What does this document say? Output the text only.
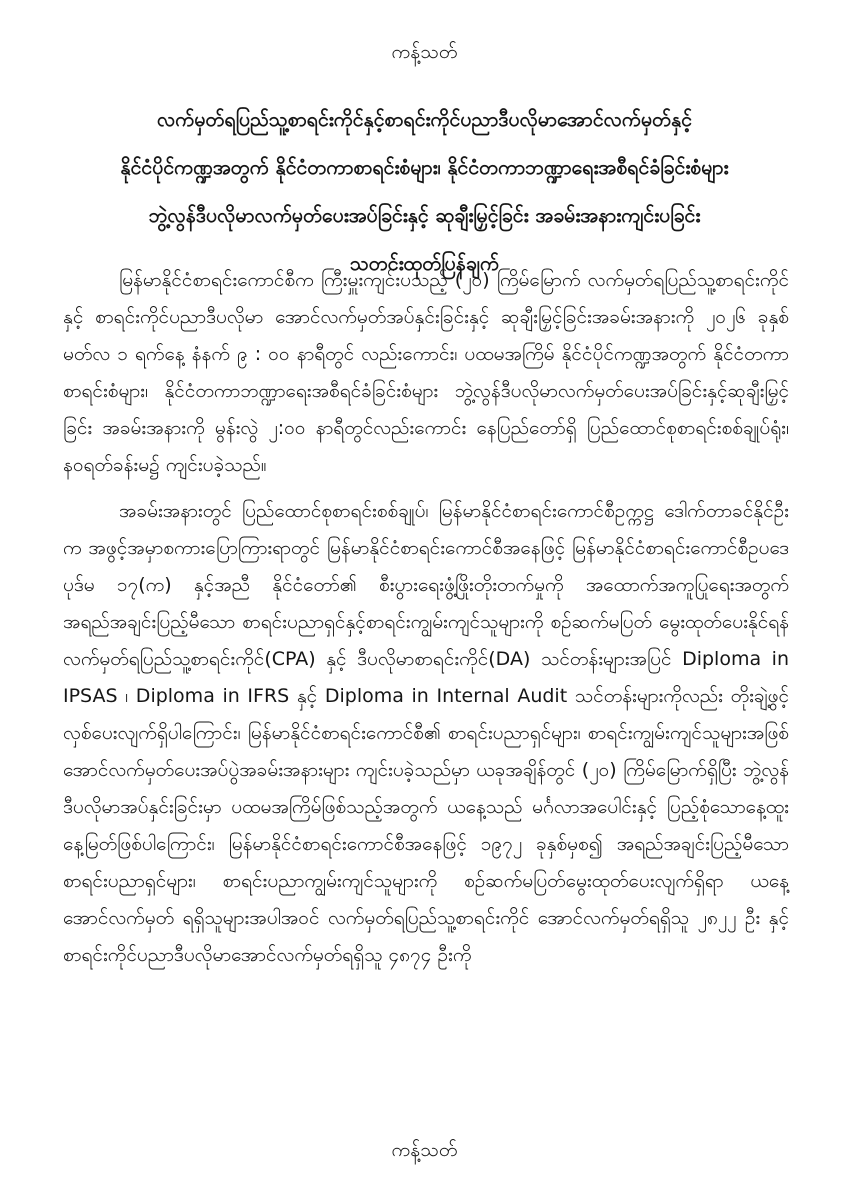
ကန့်သတ်
လက်မှတ်ရပြည်သူ့စာရင်းကိုင်နှင့်စာရင်းကိုင်ပညာဒီပလိုမာအောင်လက်မှတ်နှင့်
နိုင်ငံပိုင်ကဏ္ဍအတွက် နိုင်ငံတကာစာရင်းစံများ၊ နိုင်ငံတကာဘဏ္ဍာရေးအစီရင်ခံခြင်းစံများ
ဘွဲ့လွန်ဒီပလိုမာလက်မှတ်ပေးအပ်ခြင်းနှင့် ဆုချီးမြှင့်ခြင်း အခမ်းအနားကျင်းပခြင်း
သတင်းထုတ်ပြန်ချက်

မြန်မာနိုင်ငံစာရင်းကောင်စီက ကြီးမှူးကျင်းပသည့် (၂၀) ကြိမ်မြောက် လက်မှတ်ရပြည်သူ့စာရင်းကိုင်နှင့် စာရင်းကိုင်ပညာဒီပလိုမာ အောင်လက်မှတ်အပ်နှင်းခြင်းနှင့် ဆုချီးမြှင့်ခြင်းအခမ်းအနားကို ၂၀၂၆ ခုနှစ် မတ်လ ၁ ရက်နေ့ နံနက် ၉ : ၀၀ နာရီတွင် လည်းကောင်း၊ ပထမအကြိမ် နိုင်ငံပိုင်ကဏ္ဍအတွက် နိုင်ငံတကာစာရင်းစံများ၊ နိုင်ငံတကာဘဏ္ဍာရေးအစီရင်ခံခြင်းစံများ ဘွဲ့လွန်ဒီပလိုမာလက်မှတ်ပေးအပ်ခြင်းနှင့်ဆုချီးမြှင့်ခြင်း အခမ်းအနားကို မွန်းလွဲ ၂:၀၀ နာရီတွင်လည်းကောင်း နေပြည်တော်ရှိ ပြည်ထောင်စုစာရင်းစစ်ချုပ်ရုံး၊ နဝရတ်ခန်းမ၌ ကျင်းပခဲ့သည်။

အခမ်းအနားတွင် ပြည်ထောင်စုစာရင်းစစ်ချုပ်၊ မြန်မာနိုင်ငံစာရင်းကောင်စီဥက္ကဋ္ဌ ဒေါက်တာခင်နိုင်ဦးက အဖွင့်အမှာစကားပြောကြားရာတွင် မြန်မာနိုင်ငံစာရင်းကောင်စီအနေဖြင့် မြန်မာနိုင်ငံစာရင်းကောင်စီဥပဒေ ပုဒ်မ ၁၇(က) နှင့်အညီ နိုင်ငံတော်၏ စီးပွားရေးဖွံ့ဖြိုးတိုးတက်မှုကို အထောက်အကူပြုရေးအတွက် အရည်အချင်းပြည့်မီသော စာရင်းပညာရှင်နှင့်စာရင်းကျွမ်းကျင်သူများကို စဉ်ဆက်မပြတ် မွေးထုတ်ပေးနိုင်ရန် လက်မှတ်ရပြည်သူ့စာရင်းကိုင်(CPA) နှင့် ဒီပလိုမာစာရင်းကိုင်(DA) သင်တန်းများအပြင် Diploma in IPSAS ၊ Diploma in IFRS နှင့် Diploma in Internal Audit သင်တန်းများကိုလည်း တိုးချဲ့ဖွင့်လှစ်ပေးလျက်ရှိပါကြောင်း၊ မြန်မာနိုင်ငံစာရင်းကောင်စီ၏ စာရင်းပညာရှင်များ၊ စာရင်းကျွမ်းကျင်သူများအဖြစ် အောင်လက်မှတ်ပေးအပ်ပွဲအခမ်းအနားများ ကျင်းပခဲ့သည်မှာ ယခုအချိန်တွင် (၂၀) ကြိမ်မြောက်ရှိပြီး ဘွဲ့လွန်ဒီပလိုမာအပ်နှင်းခြင်းမှာ ပထမအကြိမ်ဖြစ်သည့်အတွက် ယနေ့သည် မင်္ဂလာအပေါင်းနှင့် ပြည့်စုံသောနေ့ထူးနေ့မြတ်ဖြစ်ပါကြောင်း၊ မြန်မာနိုင်ငံစာရင်းကောင်စီအနေဖြင့် ၁၉၇၂ ခုနှစ်မှစ၍ အရည်အချင်းပြည့်မီသော စာရင်းပညာရှင်များ၊ စာရင်းပညာကျွမ်းကျင်သူများကို စဉ်ဆက်မပြတ်မွေးထုတ်ပေးလျက်ရှိရာ ယနေ့အောင်လက်မှတ် ရရှိသူများအပါအဝင် လက်မှတ်ရပြည်သူ့စာရင်းကိုင် အောင်လက်မှတ်ရရှိသူ ၂၈၂၂ ဦး နှင့် စာရင်းကိုင်ပညာဒီပလိုမာအောင်လက်မှတ်ရရှိသူ ၄၈၇၄ ဦးကို

ကန့်သတ်
